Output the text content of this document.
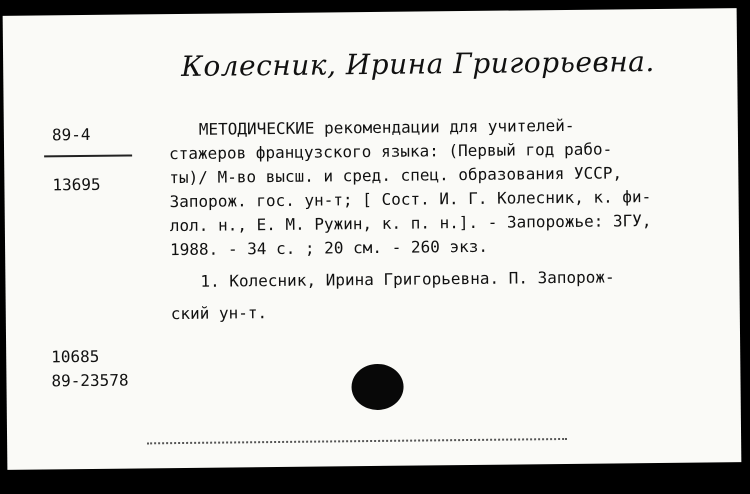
Колесник, Ирина Григорьевна.
89-4
13695
МЕТОДИЧЕСКИЕ рекомендации для учителей-
стажеров французского языка: (Первый год рабо-
ты)/ М-во высш. и сред. спец. образования УССР,
Запорож. гос. ун-т; [ Сост. И. Г. Колесник, к. фи-
лол. н., Е. М. Ружин, к. п. н.]. - Запорожье: ЗГУ,
1988. - 34 с. ; 20 см. - 260 экз.
1. Колесник, Ирина Григорьевна. П. Запорож-
ский ун-т.
10685
89-23578
